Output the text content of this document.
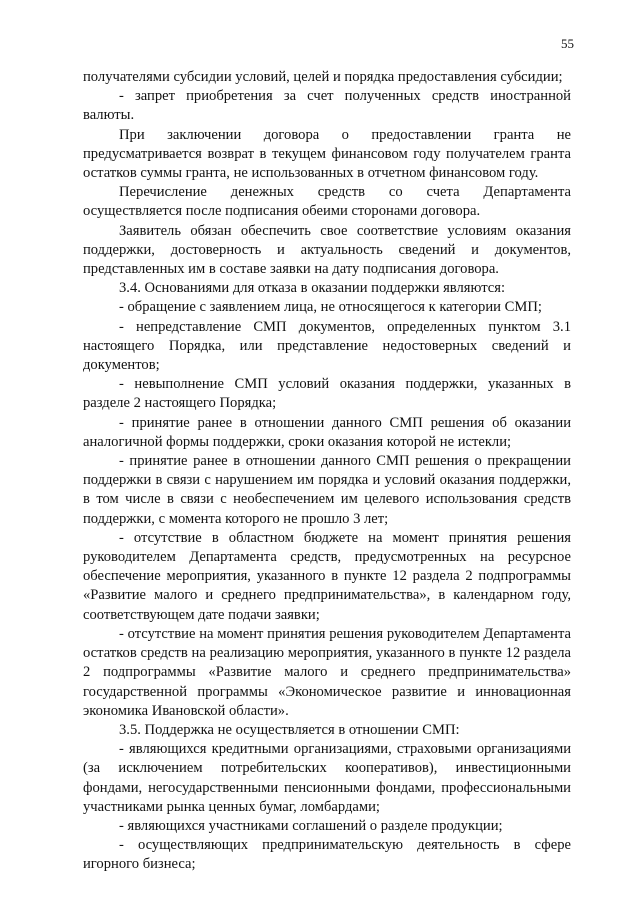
55

получателями субсидии условий, целей и порядка предоставления субсидии;

- запрет приобретения за счет полученных средств иностранной валюты.

При заключении договора о предоставлении гранта не предусматривается возврат в текущем финансовом году получателем гранта остатков суммы гранта, не использованных в отчетном финансовом году.

Перечисление денежных средств со счета Департамента осуществляется после подписания обеими сторонами договора.

Заявитель обязан обеспечить свое соответствие условиям оказания поддержки, достоверность и актуальность сведений и документов, представленных им в составе заявки на дату подписания договора.

3.4. Основаниями для отказа в оказании поддержки являются:

- обращение с заявлением лица, не относящегося к категории СМП;

- непредставление СМП документов, определенных пунктом 3.1 настоящего Порядка, или представление недостоверных сведений и документов;

- невыполнение СМП условий оказания поддержки, указанных в разделе 2 настоящего Порядка;

- принятие ранее в отношении данного СМП решения об оказании аналогичной формы поддержки, сроки оказания которой не истекли;

- принятие ранее в отношении данного СМП решения о прекращении поддержки в связи с нарушением им порядка и условий оказания поддержки, в том числе в связи с необеспечением им целевого использования средств поддержки, с момента которого не прошло 3 лет;

- отсутствие в областном бюджете на момент принятия решения руководителем Департамента средств, предусмотренных на ресурсное обеспечение мероприятия, указанного в пункте 12 раздела 2 подпрограммы «Развитие малого и среднего предпринимательства», в календарном году, соответствующем дате подачи заявки;

- отсутствие на момент принятия решения руководителем Департамента остатков средств на реализацию мероприятия, указанного в пункте 12 раздела 2 подпрограммы «Развитие малого и среднего предпринимательства» государственной программы «Экономическое развитие и инновационная экономика Ивановской области».

3.5. Поддержка не осуществляется в отношении СМП:

- являющихся кредитными организациями, страховыми организациями (за исключением потребительских кооперативов), инвестиционными фондами, негосударственными пенсионными фондами, профессиональными участниками рынка ценных бумаг, ломбардами;

- являющихся участниками соглашений о разделе продукции;

- осуществляющих предпринимательскую деятельность в сфере игорного бизнеса;
